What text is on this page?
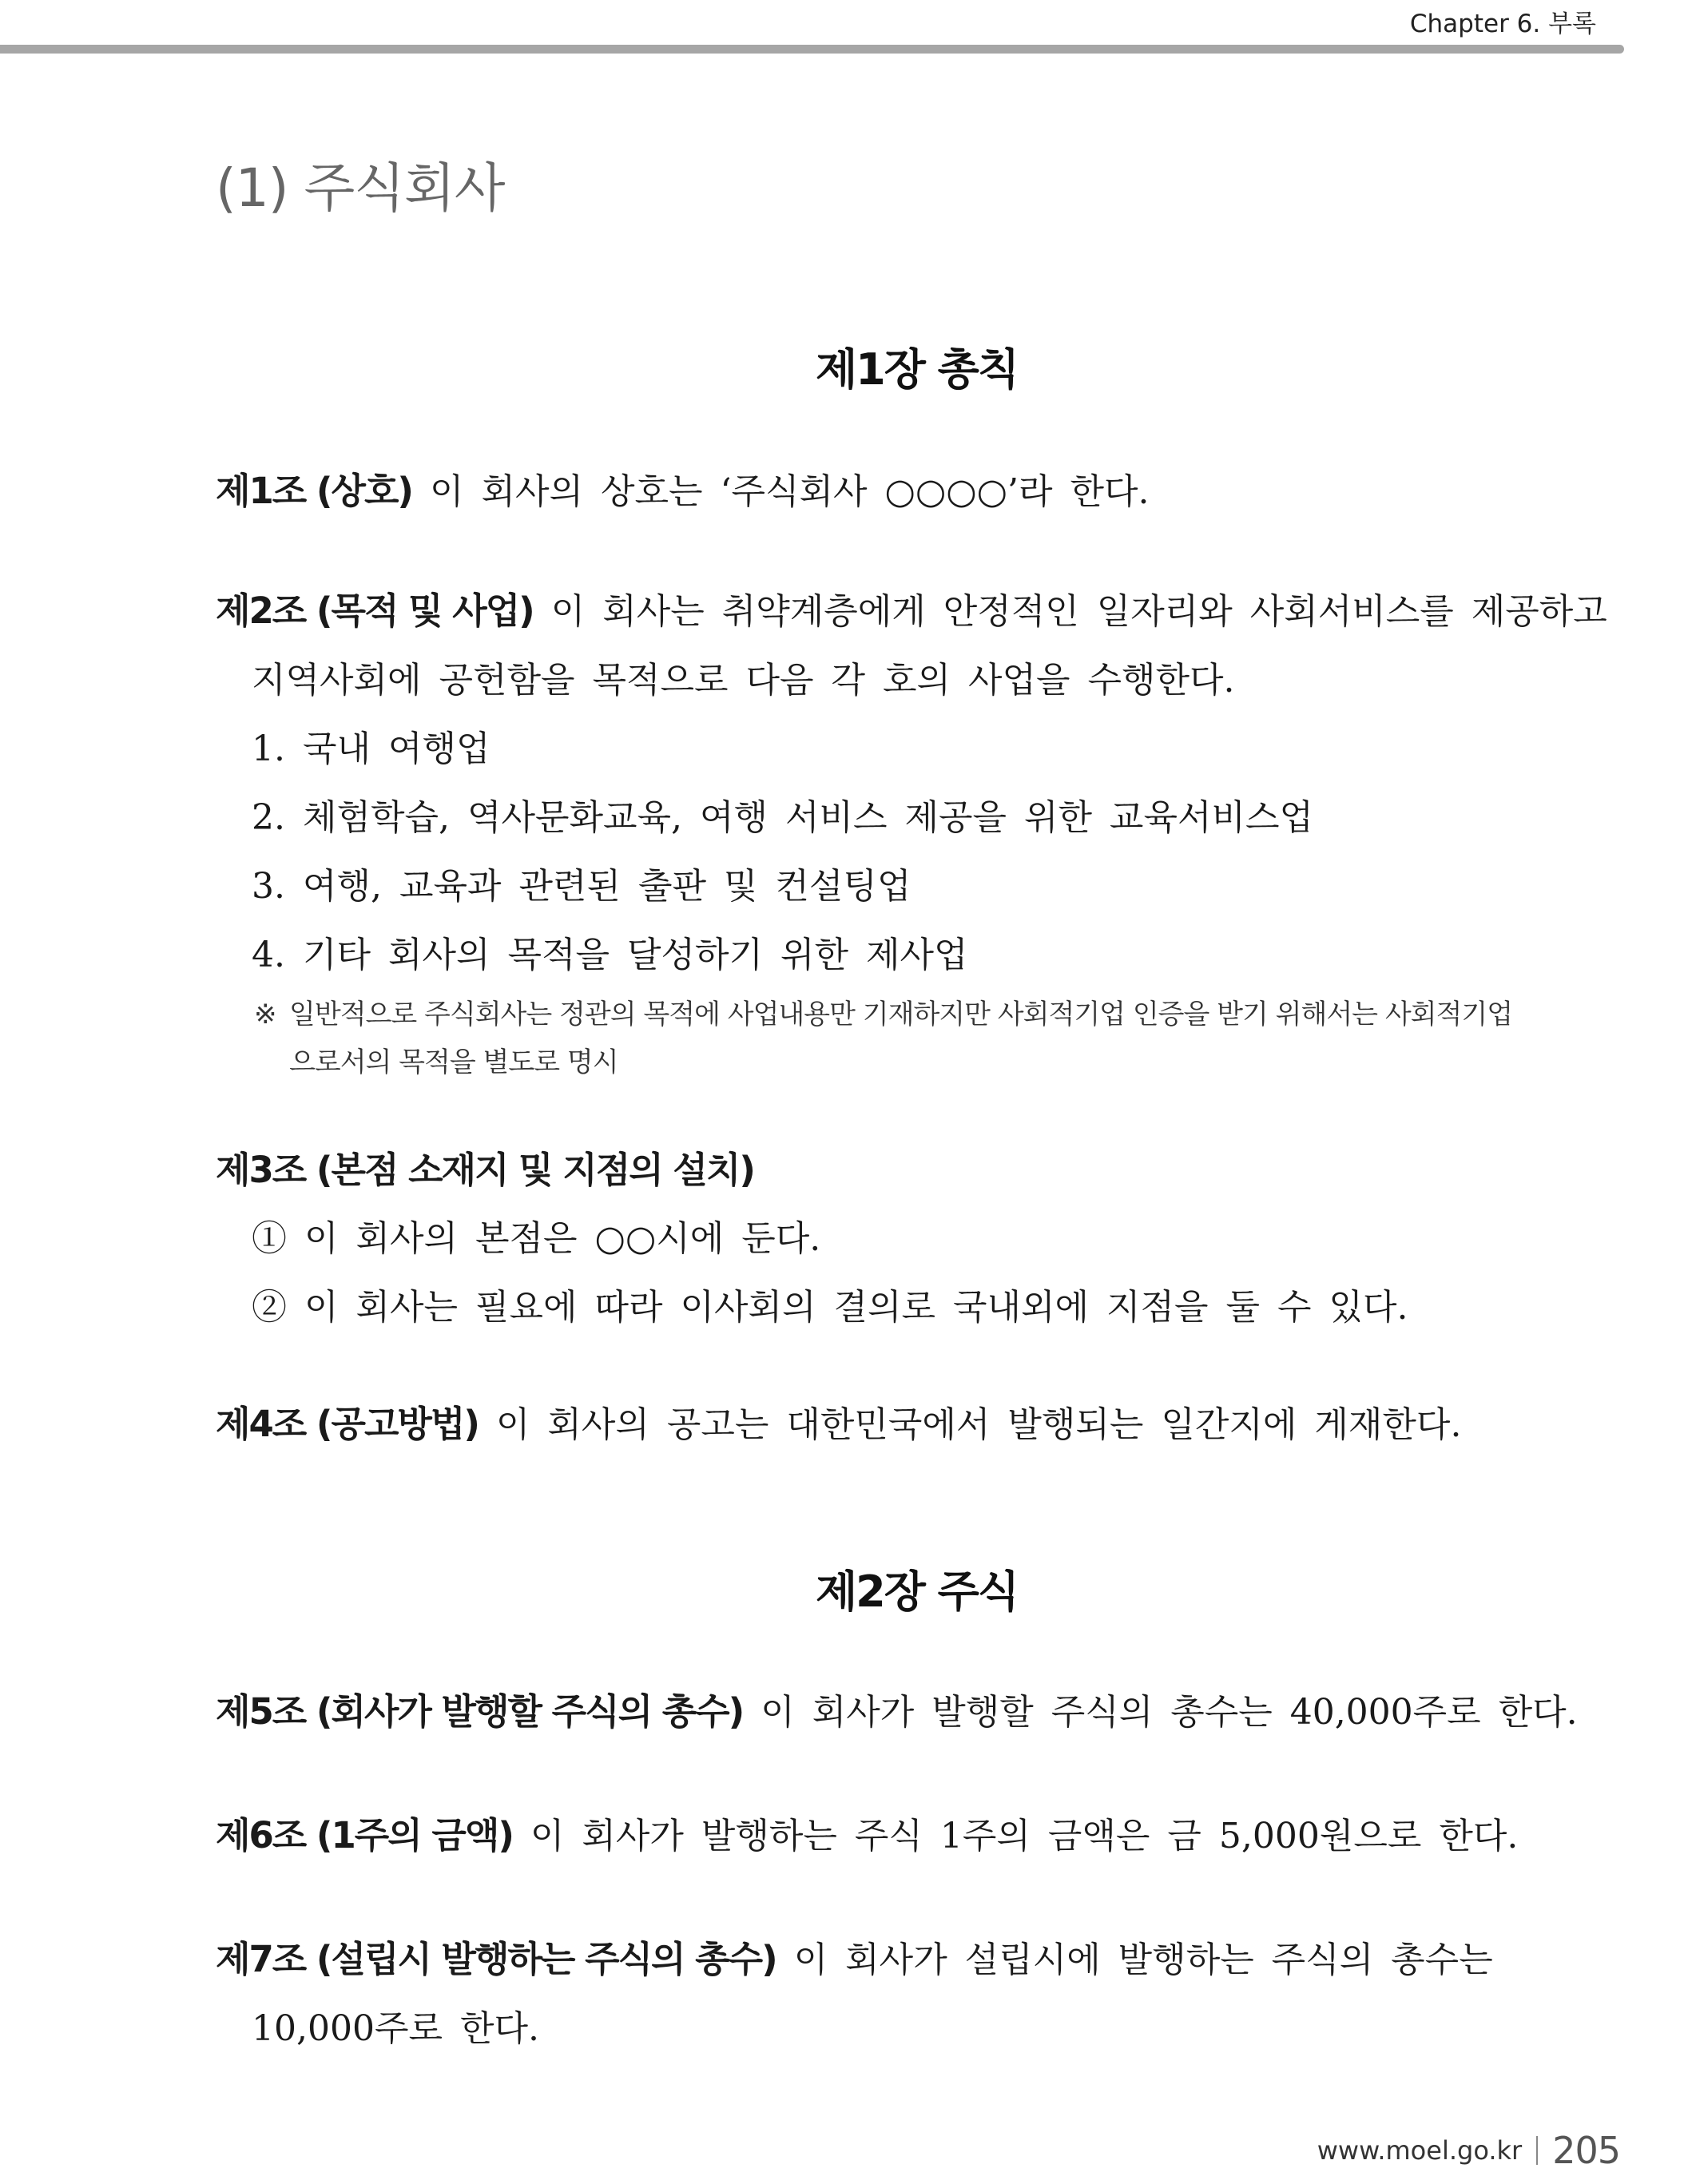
Chapter 6. 부록
(1) 주식회사
제1장 총칙
제1조 (상호) 이 회사의 상호는 ‘주식회사 ○○○○’라 한다.
제2조 (목적 및 사업) 이 회사는 취약계층에게 안정적인 일자리와 사회서비스를 제공하고
지역사회에 공헌함을 목적으로 다음 각 호의 사업을 수행한다.
1. 국내 여행업
2. 체험학습, 역사문화교육, 여행 서비스 제공을 위한 교육서비스업
3. 여행, 교육과 관련된 출판 및 컨설팅업
4. 기타 회사의 목적을 달성하기 위한 제사업
※ 일반적으로 주식회사는 정관의 목적에 사업내용만 기재하지만 사회적기업 인증을 받기 위해서는 사회적기업
으로서의 목적을 별도로 명시
제3조 (본점 소재지 및 지점의 설치)
① 이 회사의 본점은 ○○시에 둔다.
② 이 회사는 필요에 따라 이사회의 결의로 국내외에 지점을 둘 수 있다.
제4조 (공고방법) 이 회사의 공고는 대한민국에서 발행되는 일간지에 게재한다.
제2장 주식
제5조 (회사가 발행할 주식의 총수) 이 회사가 발행할 주식의 총수는 40,000주로 한다.
제6조 (1주의 금액) 이 회사가 발행하는 주식 1주의 금액은 금 5,000원으로 한다.
제7조 (설립시 발행하는 주식의 총수) 이 회사가 설립시에 발행하는 주식의 총수는
10,000주로 한다.
www.moel.go.kr 205
